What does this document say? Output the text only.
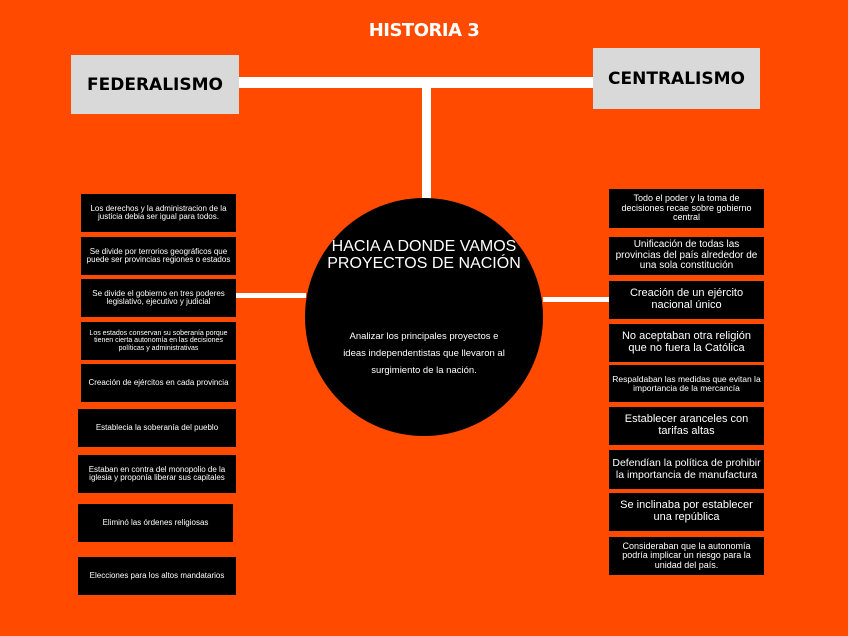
HISTORIA 3
FEDERALISMO	CENTRALISMO
HACIA A DONDE VAMOS PROYECTOS DE NACIÓN
Analizar los principales proyectos e ideas independentistas que llevaron al surgimiento de la nación.
Los derechos y la administracion de la justicia debia ser igual para todos.
Se divide por terrorios geográficos que puede ser provincias regiones o estados
Se divide el gobierno en tres poderes legislativo, ejecutivo y judicial
Los estados conservan su soberanía porque tienen cierta autonomía en las decisiones políticas y administrativas
Creación de ejércitos en cada provincia
Establecia la soberanía del pueblo
Estaban en contra del monopolio de la iglesia y proponía liberar sus capitales
Eliminó las órdenes religiosas
Elecciones para los altos mandatarios
Todo el poder y la toma de decisiones recae sobre gobierno central
Unificación de todas las provincias del país alrededor de una sola constitución
Creación de un ejército nacional único
No aceptaban otra religión que no fuera la Católica
Respaldaban las medidas que evitan la importancia de la mercancía
Establecer aranceles con tarifas altas
Defendían la política de prohibir la importancia de manufactura
Se inclinaba por establecer una república
Consideraban que la autonomía podría implicar un riesgo para la unidad del país.
